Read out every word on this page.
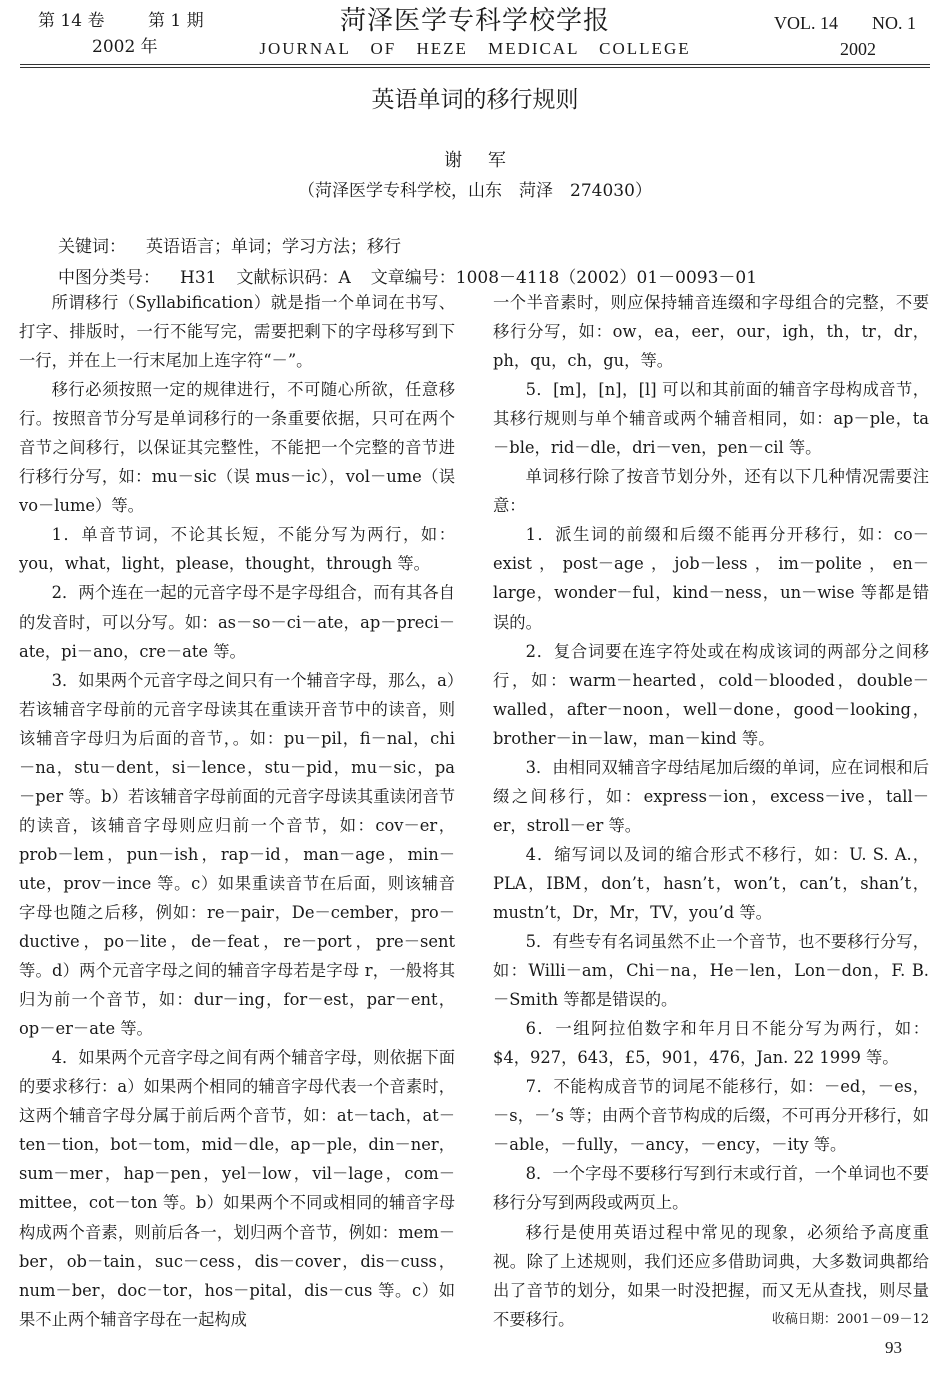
第 14 卷	第 1 期
2002 年
菏泽医学专科学校学报
JOURNAL OF HEZE MEDICAL COLLEGE
VOL. 14 NO. 1
2002
英语单词的移行规则
谢 军
（菏泽医学专科学校，山东　菏泽　274030）
关键词： 英语语言；单词；学习方法；移行
中图分类号： H31 文献标识码：A 文章编号：1008－4118（2002）01－0093－01

所谓移行（Syllabification）就是指一个单词在书写、打字、排版时，一行不能写完，需要把剩下的字母移写到下一行，并在上一行末尾加上连字符“－”。

移行必须按照一定的规律进行，不可随心所欲，任意移行。按照音节分写是单词移行的一条重要依据，只可在两个音节之间移行，以保证其完整性，不能把一个完整的音节进行移行分写，如：mu－sic（误 mus－ic），vol－ume（误 vo－lume）等。

1．单音节词，不论其长短，不能分写为两行，如：you，what，light，please，thought，through 等。

2．两个连在一起的元音字母不是字母组合，而有其各自的发音时，可以分写。如：as－so－ci－ate，ap－preci－ate，pi－ano，cre－ate 等。

3．如果两个元音字母之间只有一个辅音字母，那么，a）若该辅音字母前的元音字母读其在重读开音节中的读音，则该辅音字母归为后面的音节，。如：pu－pil，fi－nal，chi－na，stu－dent，si－lence，stu－pid，mu－sic，pa－per 等。b）若该辅音字母前面的元音字母读其重读闭音节的读音，该辅音字母则应归前一个音节，如：cov－er，prob－lem，pun－ish，rap－id，man－age，min－ute，prov－ince 等。c）如果重读音节在后面，则该辅音字母也随之后移，例如：re－pair，De－cember，pro－ductive，po－lite，de－feat，re－port，pre－sent 等。d）两个元音字母之间的辅音字母若是字母 r，一般将其归为前一个音节，如：dur－ing，for－est，par－ent，op－er－ate 等。

4．如果两个元音字母之间有两个辅音字母，则依据下面的要求移行：a）如果两个相同的辅音字母代表一个音素时，这两个辅音字母分属于前后两个音节，如：at－tach，at－ten－tion，bot－tom，mid－dle，ap－ple，din－ner，sum－mer，hap－pen，yel－low，vil－lage，com－mittee，cot－ton 等。b）如果两个不同或相同的辅音字母构成两个音素，则前后各一，划归两个音节，例如：mem－ber，ob－tain，suc－cess，dis－cover，dis－cuss，num－ber，doc－tor，hos－pital，dis－cus 等。c）如果不止两个辅音字母在一起构成

一个半音素时，则应保持辅音连缀和字母组合的完整，不要移行分写，如：ow，ea，eer，our，igh，th，tr，dr，ph，qu，ch，gu，等。

5．[m]，[n]，[l] 可以和其前面的辅音字母构成音节，其移行规则与单个辅音或两个辅音相同，如：ap－ple，ta－ble，rid－dle，dri－ven，pen－cil 等。

单词移行除了按音节划分外，还有以下几种情况需要注意：

1．派生词的前缀和后缀不能再分开移行，如：co－exist，post－age，job－less，im－polite，en－large，wonder－ful，kind－ness，un－wise 等都是错误的。

2．复合词要在连字符处或在构成该词的两部分之间移行，如：warm－hearted，cold－blooded，double－walled，after－noon，well－done，good－looking，brother－in－law，man－kind 等。

3．由相同双辅音字母结尾加后缀的单词，应在词根和后缀之间移行，如：express－ion，excess－ive，tall－er，stroll－er 等。

4．缩写词以及词的缩合形式不移行，如：U. S. A.，PLA，IBM，don’t，hasn’t，won’t，can’t，shan’t，mustn’t，Dr，Mr，TV，you’d 等。

5．有些专有名词虽然不止一个音节，也不要移行分写，如：Willi－am，Chi－na，He－len，Lon－don，F. B. －Smith 等都是错误的。

6．一组阿拉伯数字和年月日不能分写为两行，如：$4，927，643，£5，901，476，Jan. 22 1999 等。

7．不能构成音节的词尾不能移行，如：－ed，－es，－s，－’s 等；由两个音节构成的后缀，不可再分开移行，如 －able，－fully，－ancy，－ency，－ity 等。

8．一个字母不要移行写到行末或行首，一个单词也不要移行分写到两段或两页上。

移行是使用英语过程中常见的现象，必须给予高度重视。除了上述规则，我们还应多借助词典，大多数词典都给出了音节的划分，如果一时没把握，而又无从查找，则尽量不要移行。	收稿日期：2001－09－12

93
